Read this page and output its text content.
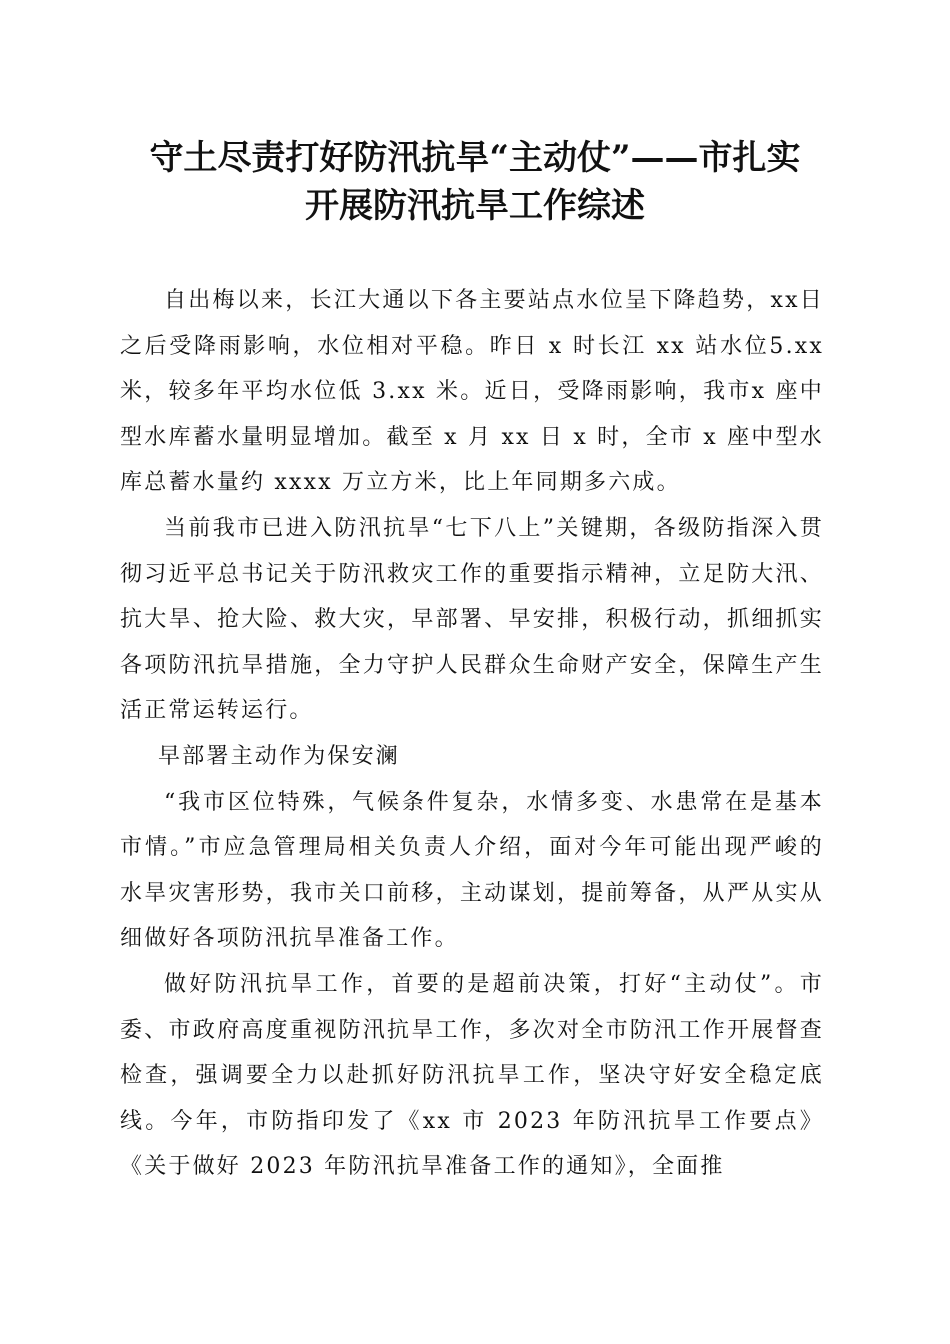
守土尽责打好防汛抗旱“主动仗”——市扎实
开展防汛抗旱工作综述

自出梅以来，长江大通以下各主要站点水位呈下降趋势，xx日之后受降雨影响，水位相对平稳。昨日 x 时长江 xx 站水位5.xx 米，较多年平均水位低 3.xx 米。近日，受降雨影响，我市x 座中型水库蓄水量明显增加。截至 x 月 xx 日 x 时，全市 x 座中型水库总蓄水量约 xxxx 万立方米，比上年同期多六成。

当前我市已进入防汛抗旱“七下八上”关键期，各级防指深入贯彻习近平总书记关于防汛救灾工作的重要指示精神，立足防大汛、抗大旱、抢大险、救大灾，早部署、早安排，积极行动，抓细抓实各项防汛抗旱措施，全力守护人民群众生命财产安全，保障生产生活正常运转运行。

早部署主动作为保安澜

“我市区位特殊，气候条件复杂，水情多变、水患常在是基本市情。”市应急管理局相关负责人介绍，面对今年可能出现严峻的水旱灾害形势，我市关口前移，主动谋划，提前筹备，从严从实从细做好各项防汛抗旱准备工作。

做好防汛抗旱工作，首要的是超前决策，打好“主动仗”。市委、市政府高度重视防汛抗旱工作，多次对全市防汛工作开展督查检查，强调要全力以赴抓好防汛抗旱工作，坚决守好安全稳定底线。今年，市防指印发了《xx 市 2023 年防汛抗旱工作要点》《关于做好 2023 年防汛抗旱准备工作的通知》，全面推
